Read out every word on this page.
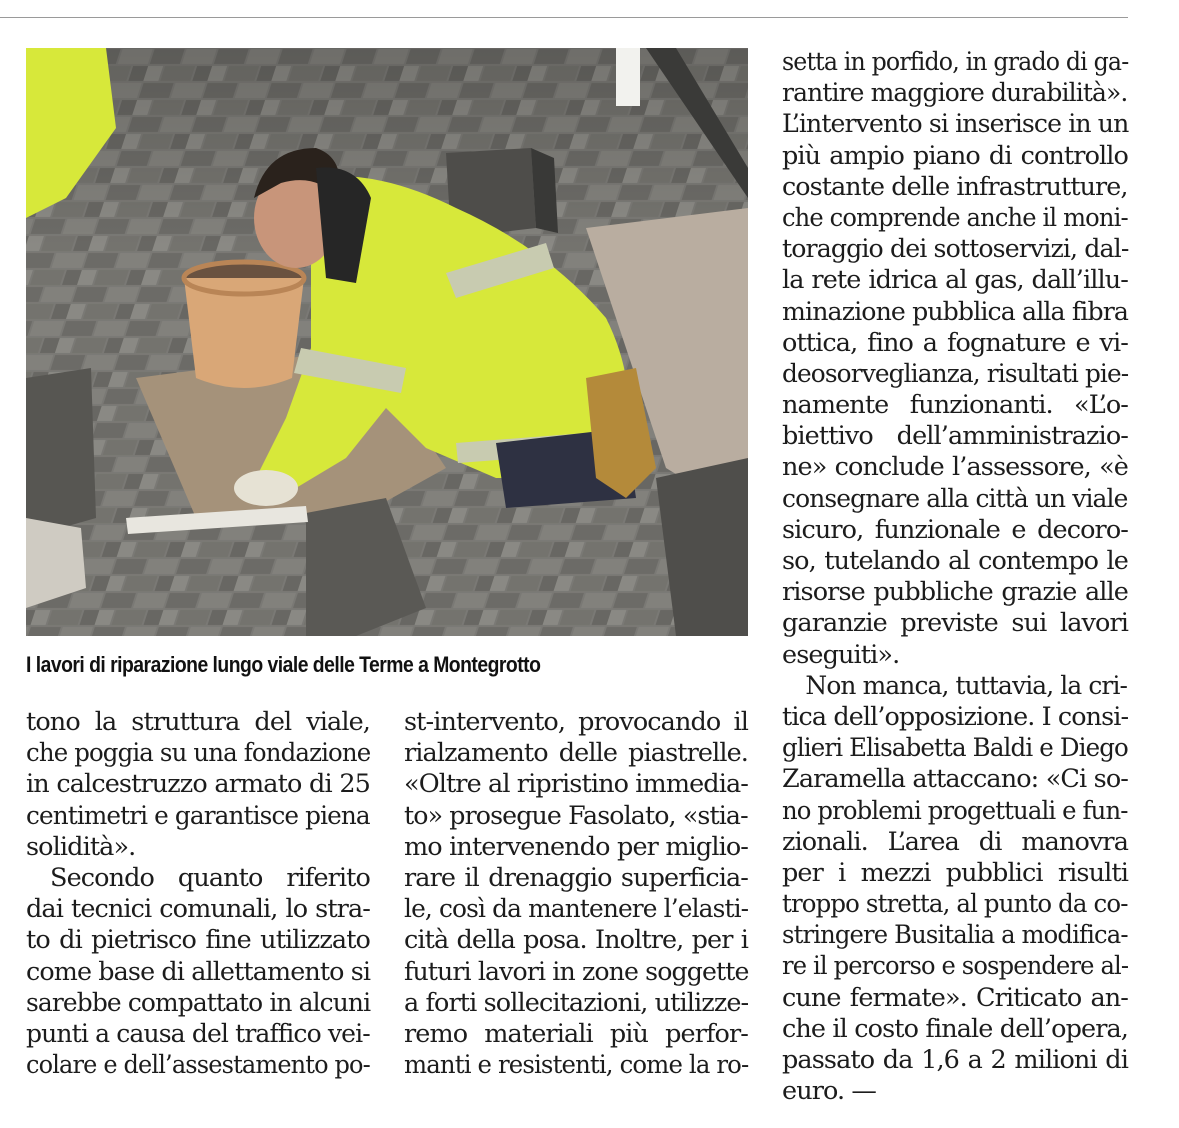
I lavori di riparazione lungo viale delle Terme a Montegrotto
tono la struttura del viale,
che poggia su una fondazione
in calcestruzzo armato di 25
centimetri e garantisce piena
solidità».
Secondo quanto riferito
dai tecnici comunali, lo stra-
to di pietrisco fine utilizzato
come base di allettamento si
sarebbe compattato in alcuni
punti a causa del traffico vei-
colare e dell’assestamento po-
st-intervento, provocando il
rialzamento delle piastrelle.
«Oltre al ripristino immedia-
to» prosegue Fasolato, «stia-
mo intervenendo per miglio-
rare il drenaggio superficia-
le, così da mantenere l’elasti-
cità della posa. Inoltre, per i
futuri lavori in zone soggette
a forti sollecitazioni, utilizze-
remo materiali più perfor-
manti e resistenti, come la ro-
setta in porfido, in grado di ga-
rantire maggiore durabilità».
L’intervento si inserisce in un
più ampio piano di controllo
costante delle infrastrutture,
che comprende anche il moni-
toraggio dei sottoservizi, dal-
la rete idrica al gas, dall’illu-
minazione pubblica alla fibra
ottica, fino a fognature e vi-
deosorveglianza, risultati pie-
namente funzionanti. «L’o-
biettivo dell’amministrazio-
ne» conclude l’assessore, «è
consegnare alla città un viale
sicuro, funzionale e decoro-
so, tutelando al contempo le
risorse pubbliche grazie alle
garanzie previste sui lavori
eseguiti».
Non manca, tuttavia, la cri-
tica dell’opposizione. I consi-
glieri Elisabetta Baldi e Diego
Zaramella attaccano: «Ci so-
no problemi progettuali e fun-
zionali. L’area di manovra
per i mezzi pubblici risulti
troppo stretta, al punto da co-
stringere Busitalia a modifica-
re il percorso e sospendere al-
cune fermate». Criticato an-
che il costo finale dell’opera,
passato da 1,6 a 2 milioni di
euro. —
